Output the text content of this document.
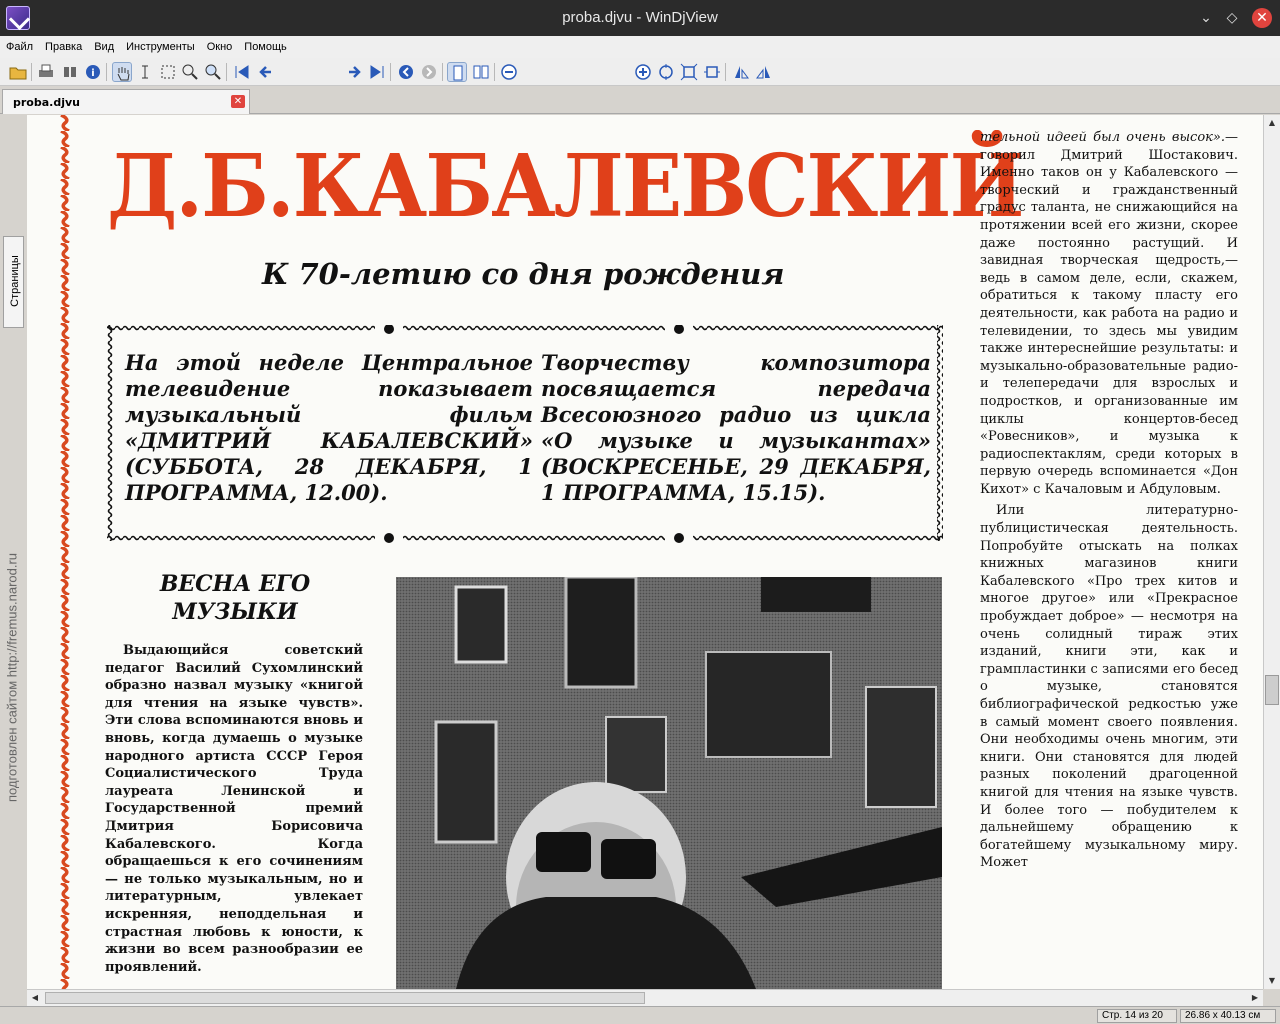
proba.djvu - WinDjView	⌄	◇	✕
Файл Правка Вид Инструменты Окно Помощь
i
proba.djvu	✕
Страницы
подготовлен сайтом http://fremus.narod.ru
Д.Б.КАБАЛЕВСКИЙ
К 70-летию со дня рождения
На этой неделе Центральное телевидение показывает музыкальный фильм «ДМИТРИЙ КАБАЛЕВСКИЙ» (СУББОТА, 28 ДЕКАБРЯ, 1 ПРОГРАММА, 12.00).
Творчеству композитора посвящается передача Всесоюзного радио из цикла «О музыке и музыкантах» (ВОСКРЕСЕНЬЕ, 29 ДЕКАБРЯ, 1 ПРОГРАММА, 15.15).
ВЕСНА ЕГО МУЗЫКИ
Выдающийся советский педагог Василий Сухомлинский образно назвал музыку «книгой для чтения на языке чувств». Эти слова вспоминаются вновь и вновь, когда думаешь о музыке народного артиста СССР Героя Социалистического Труда лауреата Ленинской и Государственной премий Дмитрия Борисовича Кабалевского. Когда обращаешься к его сочинениям — не только музыкальным, но и литературным, увлекает искренняя, неподдельная и страстная любовь к юности, к жизни во всем разнообразии ее проявлений.

тельной идеей был очень высок».— говорил Дмитрий Шостакович. Именно таков он у Кабалевского — творческий и гражданственный градус таланта, не снижающийся на протяжении всей его жизни, скорее даже постоянно растущий. И завидная творческая щедрость,— ведь в самом деле, если, скажем, обратиться к такому пласту его деятельности, как работа на радио и телевидении, то здесь мы увидим также интереснейшие результаты: и музыкально-образовательные радио- и телепередачи для взрослых и подростков, и организованные им циклы концертов-бесед «Ровесников», и музыка к радиоспектаклям, среди которых в первую очередь вспоминается «Дон Кихот» с Качаловым и Абдуловым.

Или литературно-публицистическая деятельность. Попробуйте отыскать на полках книжных магазинов книги Кабалевского «Про трех китов и многое другое» или «Прекрасное пробуждает доброе» — несмотря на очень солидный тираж этих изданий, книги эти, как и грампластинки с записями его бесед о музыке, становятся библиографической редкостью уже в самый момент своего появления. Они необходимы очень многим, эти книги. Они становятся для людей разных поколений драгоценной книгой для чтения на языке чувств. И более того — побудителем к дальнейшему обращению к богатейшему музыкальному миру. Может

▲
▼
◀	▶
Стр. 14 из 20	26.86 x 40.13 см
